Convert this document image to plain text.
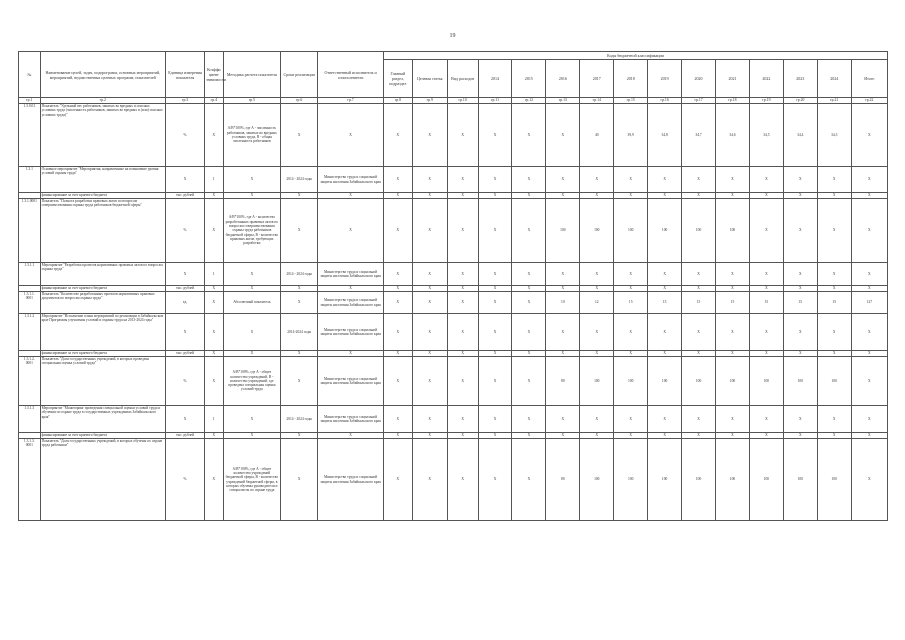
19
№	Наименование целей, задач, подпрограмм, основных мероприятий, мероприятий, ведомственных целевых программ, показателей	Единица измерения показателя	Коэффи циент значимости	Методика расчета показателя	Сроки реализации	Ответственный исполнитель и соисполнители	Коды бюджетной классификации														
							Главный раздел, подраздел	Целевая статья	Вид расходов	2014	2015	2016	2017	2018	2019	2020	2021	2022	2023	2024	Итого
гр.1	гр.2	гр.3	гр.4	гр.5	гр.6	гр.7	гр.8	гр.9	гр.10	гр.11	гр.12	гр.13	гр.14	гр.15	гр.16	гр.17	гр.18	гр.19	гр.20	гр.21	гр.22
1.3.0.01	Показатель "Удельный вес работников, занятых во вредных и опасных условиях труда (численность работников, занятых во вредных и (или) опасных условиях труда)"	%	X	А/В*100%, где А - численность работников, занятых во вредных условиях труда, В - общая численность работников	X	X	X	X	X	X	X	X	40	39,9	34,8	34,7	34,6	34,5	34,4	34,3	X
1.3.1	Основное мероприятие "Мероприятия, направленные на повышение уровня условий охраны труда"	X	1	X	2014 - 2024 годы	Министерство труда и социальной защиты населения Забайкальского края	X	X	X	X	X	X	X	X	X	X	X	X	X	X	X
	финансирование за счет краевого бюджета	тыс. рублей	X	X	X	X	X	X	X	X	X	X	X	X	X	X	X	X	X	X	X
1.3.1.0001	Показатель "Полнота разработки правовых актов по вопросам совершенствования охраны труда работников бюджетной сферы"	%	X	А/В*100%, где А - количество разработанных правовых актов по вопросам совершенствования охраны труда работников бюджетной сферы, В - количество правовых актов, требующих разработки	X	X	X	X	X	X	X	100	100	100	100	100	100	X	X	X	X
1.3.1.1	Мероприятие "Разработка проектов нормативных правовых актов по вопросам охраны труда"	X	1	X	2014 - 2024 годы	Министерство труда и социальной защиты населения Забайкальского края	X	X	X	X	X	X	X	X	X	X	X	X	X	X	X
	финансирование за счет краевого бюджета	тыс. рублей	X	X	X	X	X	X	X	X	X	X	X	X	X	X	X	X	X	X	X
1.3.1.1. 0001	Показатель "Количество разработанных проектов нормативных правовых документов по вопросам охраны труда"	ед.	X	Абсолютный показатель	X	Министерство труда и социальной защиты населения Забайкальского края	X	X	X	X	X	10	12	15	15	15	15	15	15	15	127
1.3.1.2	Мероприятие "Исполнение плана мероприятий по реализации в Забайкальском крае Программы улучшения условий и охраны труда на 2013-2024 годы"	X	X	X	2014-2024 годы	Министерство труда и социальной защиты населения Забайкальского края	X	X	X	X	X	X	X	X	X	X	X	X	X	X	X
	финансирование за счет краевого бюджета	тыс. рублей	X	X	X	X	X	X	X	X	X	X	X	X	X	X	X	X	X	X	X
1.3.1.2. 0001	Показатель "Доля государственных учреждений, в которых проведена специальная оценка условий труда"	%	X	А/В*100%, где А - общее количество учреждений, В - количество учреждений, где проведена специальная оценка условий труда	X	Министерство труда и социальной защиты населения Забайкальского края	X	X	X	X	X	80	100	100	100	100	100	100	100	100	X
1.3.1.3	Мероприятие "Мониторинг проведения специальной оценки условий труда и обучения по охране труда в государственных учреждениях Забайкальского края"	X	1	X	2014 - 2024 годы	Министерство труда и социальной защиты населения Забайкальского края	X	X	X	X	X	X	X	X	X	X	X	X	X	X	X
	финансирование за счет краевого бюджета	тыс. рублей	X	X	X	X	X	X	X	X	X	X	X	X	X	X	X	X	X	X	X
1.3.1.3. 0001	Показатель "Доля государственных учреждений, в которых обучены по охране труда работники"	%	X	А/В*100%, где А - общее количество учреждений бюджетной сферы, В - количество учреждений бюджетной сферы, в которых обучены руководители и специалисты по охране труда	X	Министерство труда и социальной защиты населения Забайкальского края	X	X	X	X	X	80	100	100	100	100	100	100	100	100	X
